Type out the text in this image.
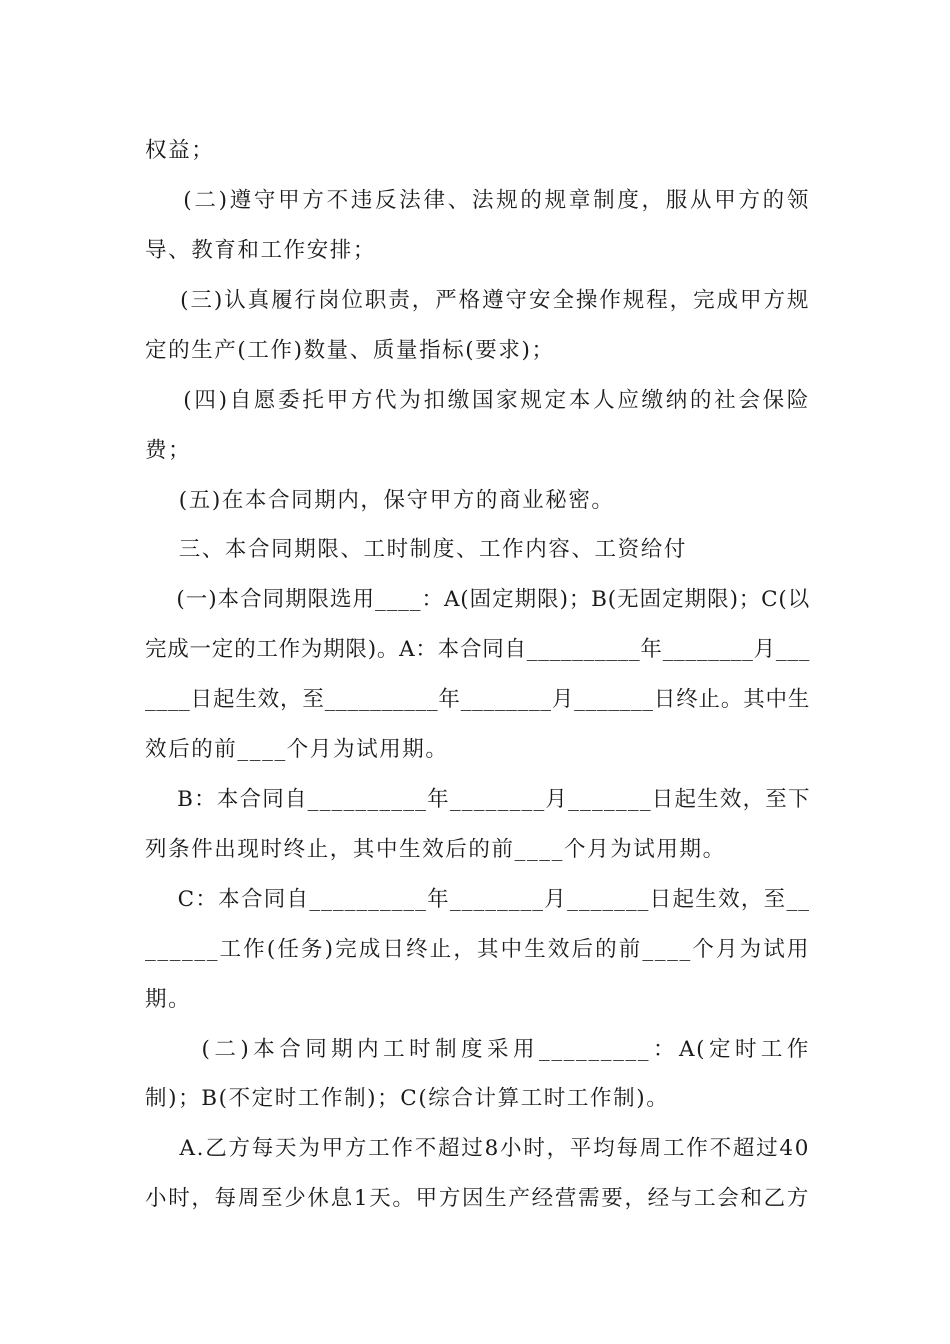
权益；
(二)遵守甲方不违反法律、法规的规章制度，服从甲方的领
导、教育和工作安排；
(三)认真履行岗位职责，严格遵守安全操作规程，完成甲方规
定的生产(工作)数量、质量指标(要求)；
(四)自愿委托甲方代为扣缴国家规定本人应缴纳的社会保险
费；
(五)在本合同期内，保守甲方的商业秘密。
三、本合同期限、工时制度、工作内容、工资给付
(一)本合同期限选用____：A(固定期限)；B(无固定期限)；C(以
完成一定的工作为期限)。A：本合同自__________年________月___
____日起生效，至__________年________月_______日终止。其中生
效后的前____个月为试用期。
B：本合同自__________年________月_______日起生效，至下
列条件出现时终止，其中生效后的前____个月为试用期。
C：本合同自__________年________月_______日起生效，至__
______工作(任务)完成日终止，其中生效后的前____个月为试用
期。
(二)本合同期内工时制度采用_________：A(定时工作
制)；B(不定时工作制)；C(综合计算工时工作制)。
A.乙方每天为甲方工作不超过8小时，平均每周工作不超过40
小时，每周至少休息1天。甲方因生产经营需要，经与工会和乙方
